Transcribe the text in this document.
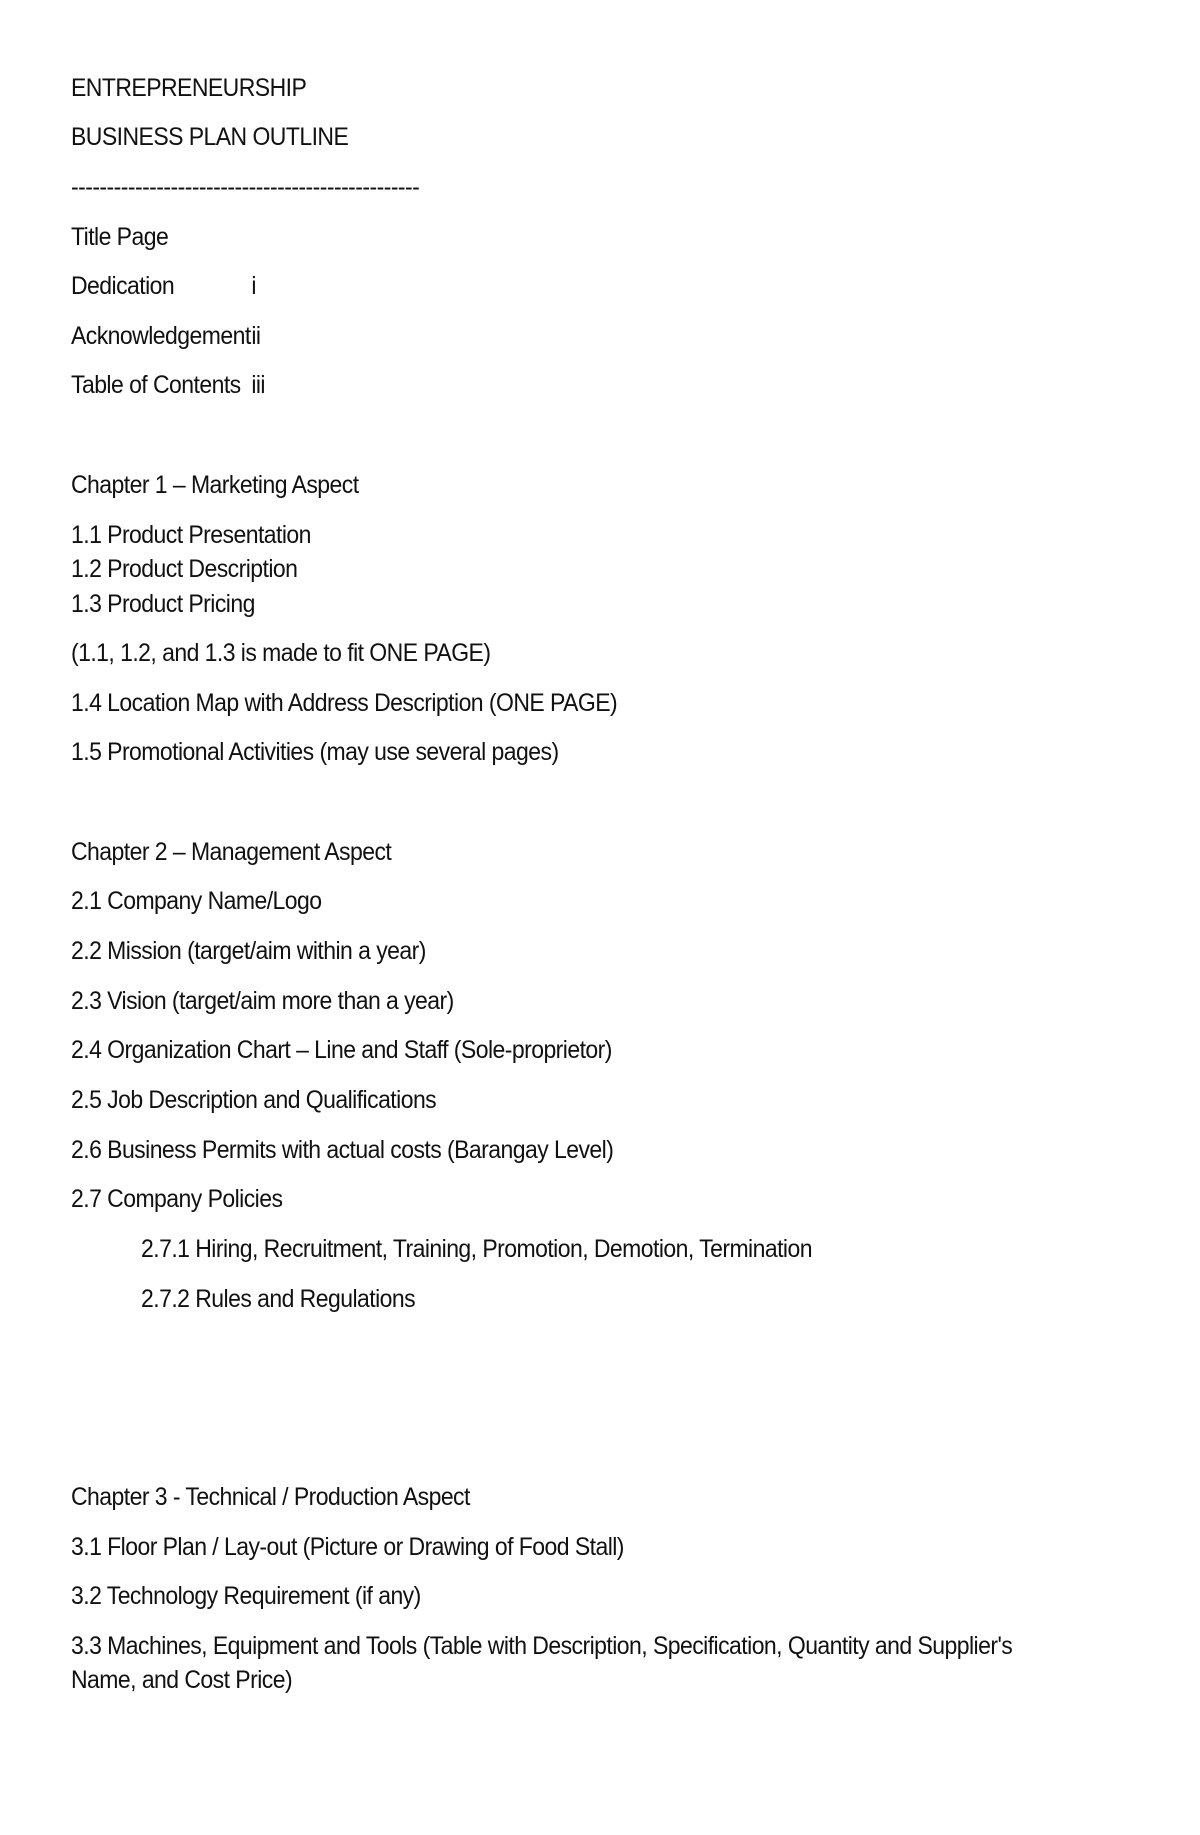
ENTREPRENEURSHIP
BUSINESS PLAN OUTLINE
-------------------------------------------------
Title Page
Dedication	i
Acknowledgementii
Table of Contents iii
Chapter 1 – Marketing Aspect
1.1 Product Presentation
1.2 Product Description
1.3 Product Pricing
(1.1, 1.2, and 1.3 is made to fit ONE PAGE)
1.4 Location Map with Address Description (ONE PAGE)
1.5 Promotional Activities (may use several pages)
Chapter 2 – Management Aspect
2.1 Company Name/Logo
2.2 Mission (target/aim within a year)
2.3 Vision (target/aim more than a year)
2.4 Organization Chart – Line and Staff (Sole-proprietor)
2.5 Job Description and Qualifications
2.6 Business Permits with actual costs (Barangay Level)
2.7 Company Policies
2.7.1 Hiring, Recruitment, Training, Promotion, Demotion, Termination
2.7.2 Rules and Regulations
Chapter 3 - Technical / Production Aspect
3.1 Floor Plan / Lay-out (Picture or Drawing of Food Stall)
3.2 Technology Requirement (if any)
3.3 Machines, Equipment and Tools (Table with Description, Specification, Quantity and Supplier's Name, and Cost Price)
